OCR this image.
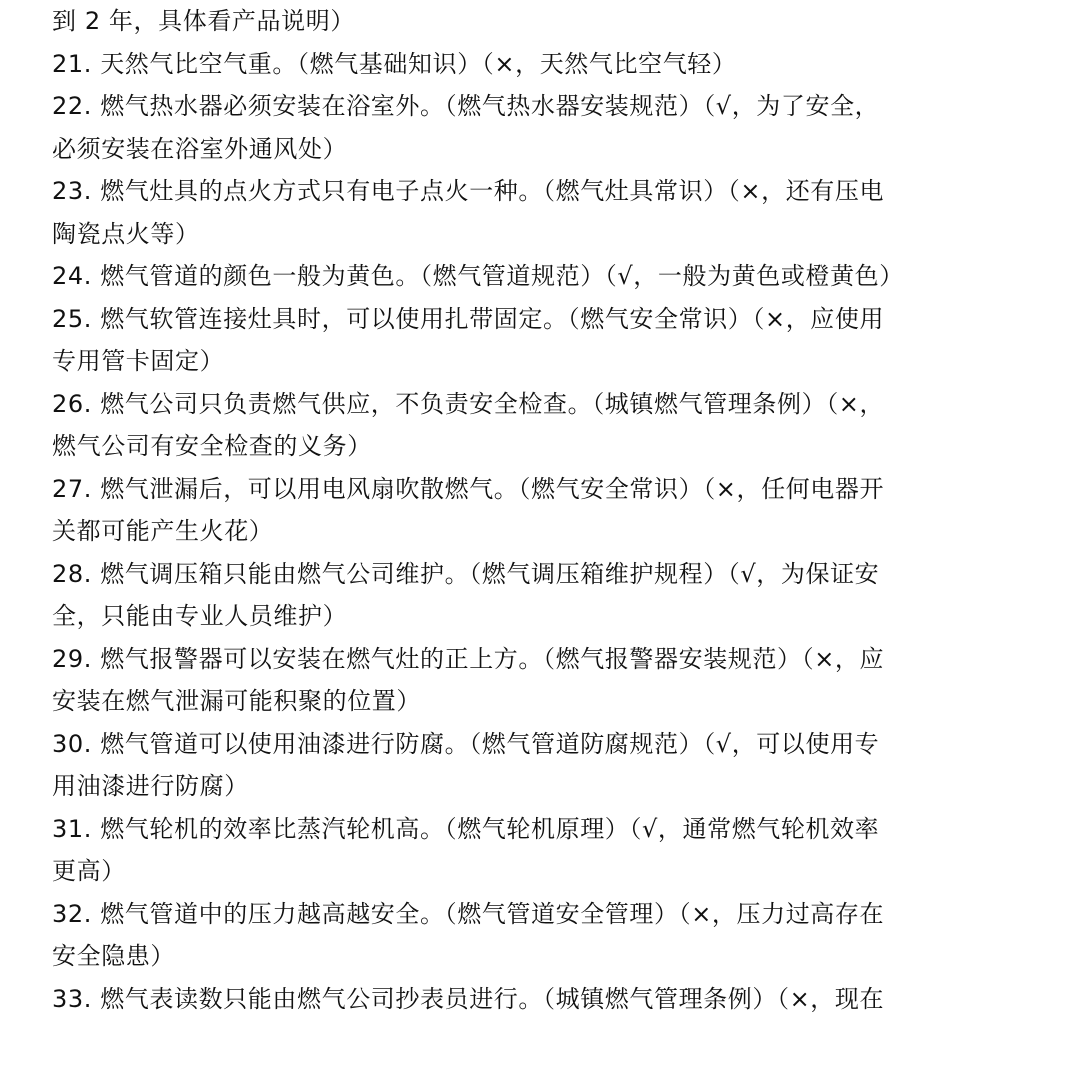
到 2 年，具体看产品说明）
21. 天然气比空气重。（燃气基础知识）（×，天然气比空气轻）
22. 燃气热水器必须安装在浴室外。（燃气热水器安装规范）（√，为了安全，
必须安装在浴室外通风处）
23. 燃气灶具的点火方式只有电子点火一种。（燃气灶具常识）（×，还有压电
陶瓷点火等）
24. 燃气管道的颜色一般为黄色。（燃气管道规范）（√，一般为黄色或橙黄色）
25. 燃气软管连接灶具时，可以使用扎带固定。（燃气安全常识）（×，应使用
专用管卡固定）
26. 燃气公司只负责燃气供应，不负责安全检查。（城镇燃气管理条例）（×，
燃气公司有安全检查的义务）
27. 燃气泄漏后，可以用电风扇吹散燃气。（燃气安全常识）（×，任何电器开
关都可能产生火花）
28. 燃气调压箱只能由燃气公司维护。（燃气调压箱维护规程）（√，为保证安
全，只能由专业人员维护）
29. 燃气报警器可以安装在燃气灶的正上方。（燃气报警器安装规范）（×，应
安装在燃气泄漏可能积聚的位置）
30. 燃气管道可以使用油漆进行防腐。（燃气管道防腐规范）（√，可以使用专
用油漆进行防腐）
31. 燃气轮机的效率比蒸汽轮机高。（燃气轮机原理）（√，通常燃气轮机效率
更高）
32. 燃气管道中的压力越高越安全。（燃气管道安全管理）（×，压力过高存在
安全隐患）
33. 燃气表读数只能由燃气公司抄表员进行。（城镇燃气管理条例）（×，现在
